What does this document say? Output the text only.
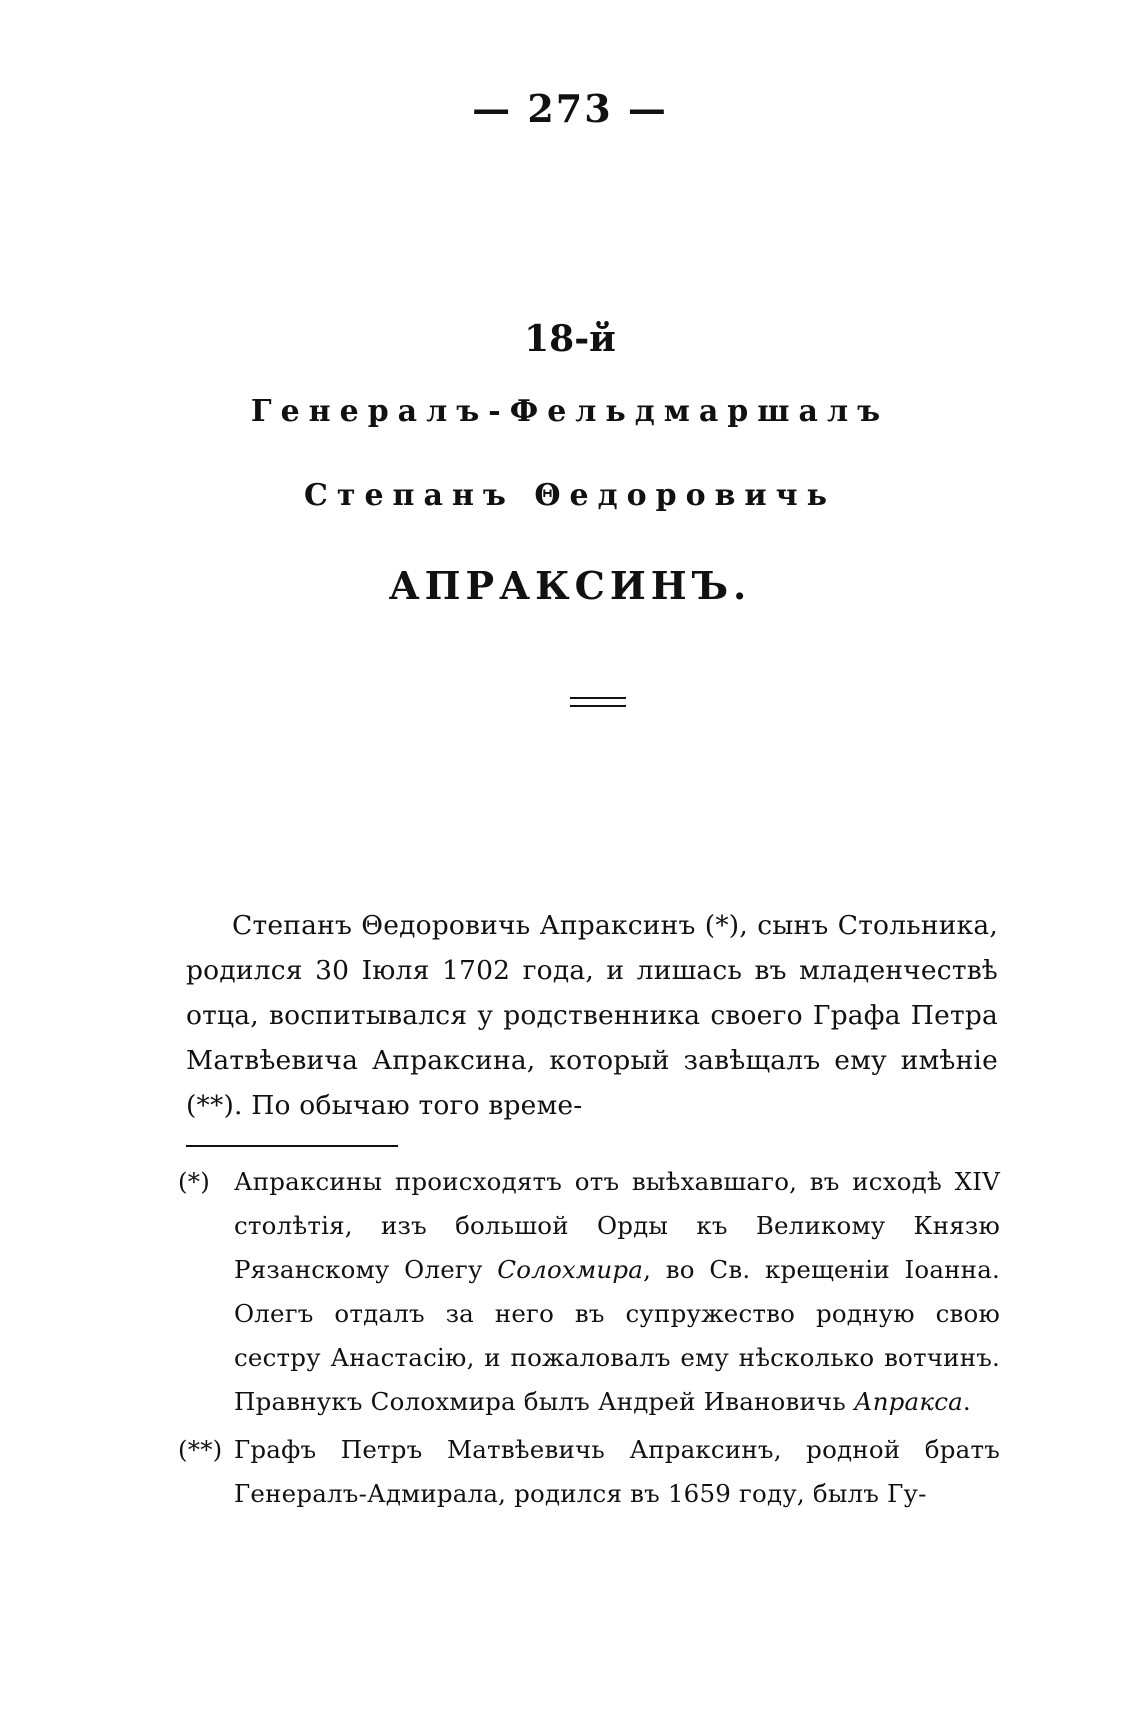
— 273 —
18-й
Генералъ-Фельдмаршалъ
Степанъ Θедоровичь
АПРАКСИНЪ.

Степанъ Θедоровичь Апраксинъ (*), сынъ Стольника, родился 30 Іюля 1702 года, и лишась въ младенчествѣ отца, воспитывался у родственника своего Графа Петра Матвѣевича Апраксина, который завѣщалъ ему имѣніе (**). По обычаю того време-

(*) Апраксины происходятъ отъ выѣхавшаго, въ исходѣ XIV столѣтія, изъ большой Орды къ Великому Князю Рязанскому Олегу Солохмира, во Св. крещеніи Іоанна. Олегъ отдалъ за него въ супружество родную свою сестру Анастасію, и пожаловалъ ему нѣсколько вотчинъ. Правнукъ Солохмира былъ Андрей Ивановичь Апракса.

(**) Графъ Петръ Матвѣевичь Апраксинъ, родной братъ Генералъ-Адмирала, родился въ 1659 году, былъ Гу-
